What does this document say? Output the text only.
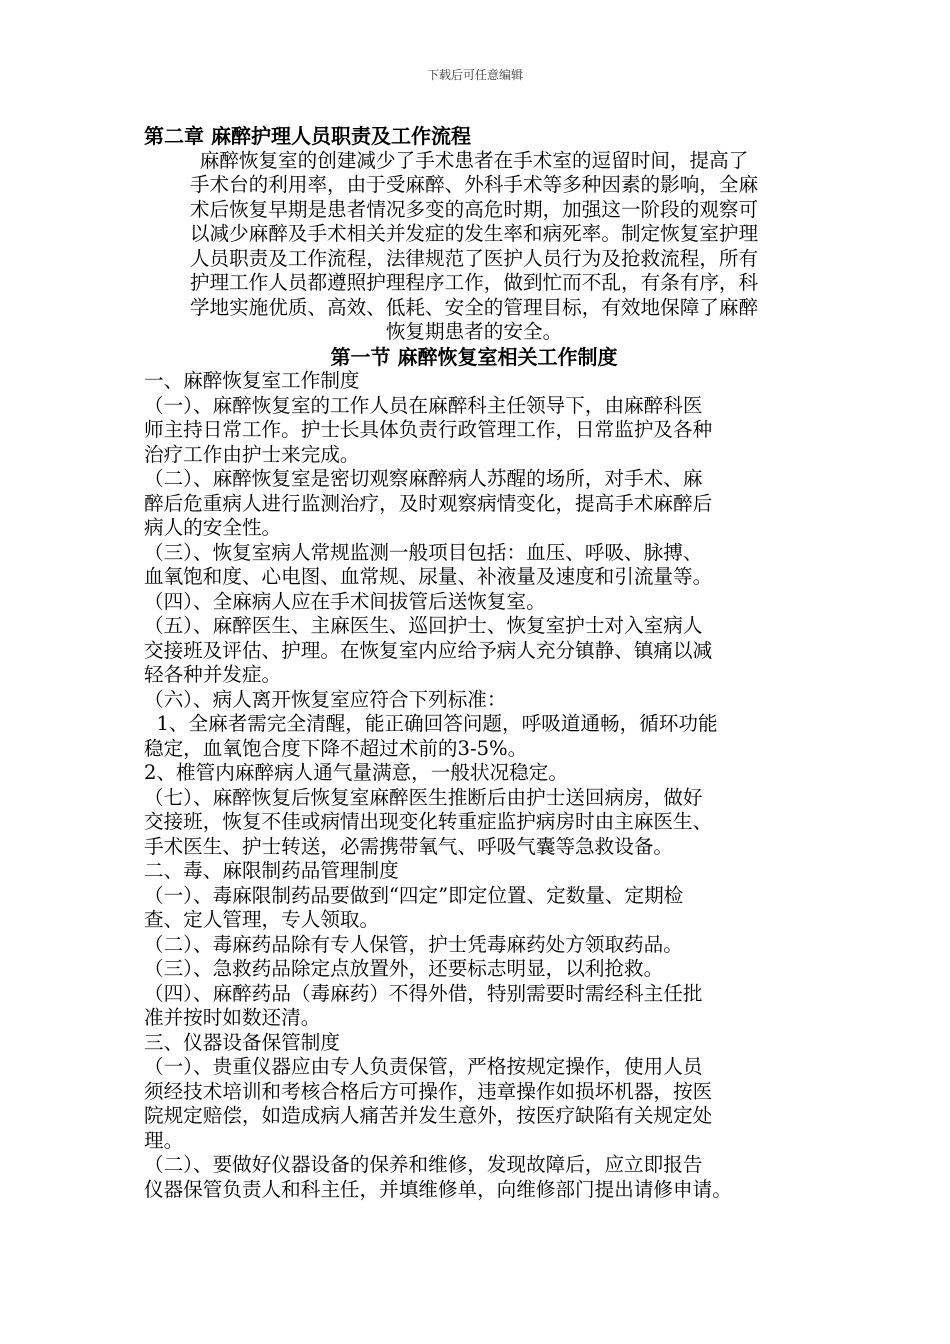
下载后可任意编辑

第二章 麻醉护理人员职责及工作流程

麻醉恢复室的创建减少了手术患者在手术室的逗留时间，提高了

手术台的利用率，由于受麻醉、外科手术等多种因素的影响，全麻

术后恢复早期是患者情况多变的高危时期，加强这一阶段的观察可

以减少麻醉及手术相关并发症的发生率和病死率。制定恢复室护理

人员职责及工作流程，法律规范了医护人员行为及抢救流程，所有

护理工作人员都遵照护理程序工作，做到忙而不乱，有条有序，科

学地实施优质、高效、低耗、安全的管理目标，有效地保障了麻醉

恢复期患者的安全。

第一节 麻醉恢复室相关工作制度

一、麻醉恢复室工作制度

（一）、麻醉恢复室的工作人员在麻醉科主任领导下，由麻醉科医

师主持日常工作。护士长具体负责行政管理工作，日常监护及各种

治疗工作由护士来完成。

（二）、麻醉恢复室是密切观察麻醉病人苏醒的场所，对手术、麻

醉后危重病人进行监测治疗，及时观察病情变化，提高手术麻醉后

病人的安全性。

（三）、恢复室病人常规监测一般项目包括：血压、呼吸、脉搏、

血氧饱和度、心电图、血常规、尿量、补液量及速度和引流量等。

（四）、全麻病人应在手术间拔管后送恢复室。

（五）、麻醉医生、主麻医生、巡回护士、恢复室护士对入室病人

交接班及评估、护理。在恢复室内应给予病人充分镇静、镇痛以减

轻各种并发症。

（六）、病人离开恢复室应符合下列标准：

1、全麻者需完全清醒，能正确回答问题，呼吸道通畅，循环功能

稳定，血氧饱合度下降不超过术前的3-5%。

2、椎管内麻醉病人通气量满意，一般状况稳定。

（七）、麻醉恢复后恢复室麻醉医生推断后由护士送回病房，做好

交接班，恢复不佳或病情出现变化转重症监护病房时由主麻医生、

手术医生、护士转送，必需携带氧气、呼吸气囊等急救设备。

二、毒、麻限制药品管理制度

（一）、毒麻限制药品要做到“四定”即定位置、定数量、定期检

查、定人管理，专人领取。

（二）、毒麻药品除有专人保管，护士凭毒麻药处方领取药品。

（三）、急救药品除定点放置外，还要标志明显，以利抢救。

（四）、麻醉药品（毒麻药）不得外借，特别需要时需经科主任批

准并按时如数还清。

三、仪器设备保管制度

（一）、贵重仪器应由专人负责保管，严格按规定操作，使用人员

须经技术培训和考核合格后方可操作，违章操作如损坏机器，按医

院规定赔偿，如造成病人痛苦并发生意外，按医疗缺陷有关规定处

理。

（二）、要做好仪器设备的保养和维修，发现故障后，应立即报告

仪器保管负责人和科主任，并填维修单，向维修部门提出请修申请。
